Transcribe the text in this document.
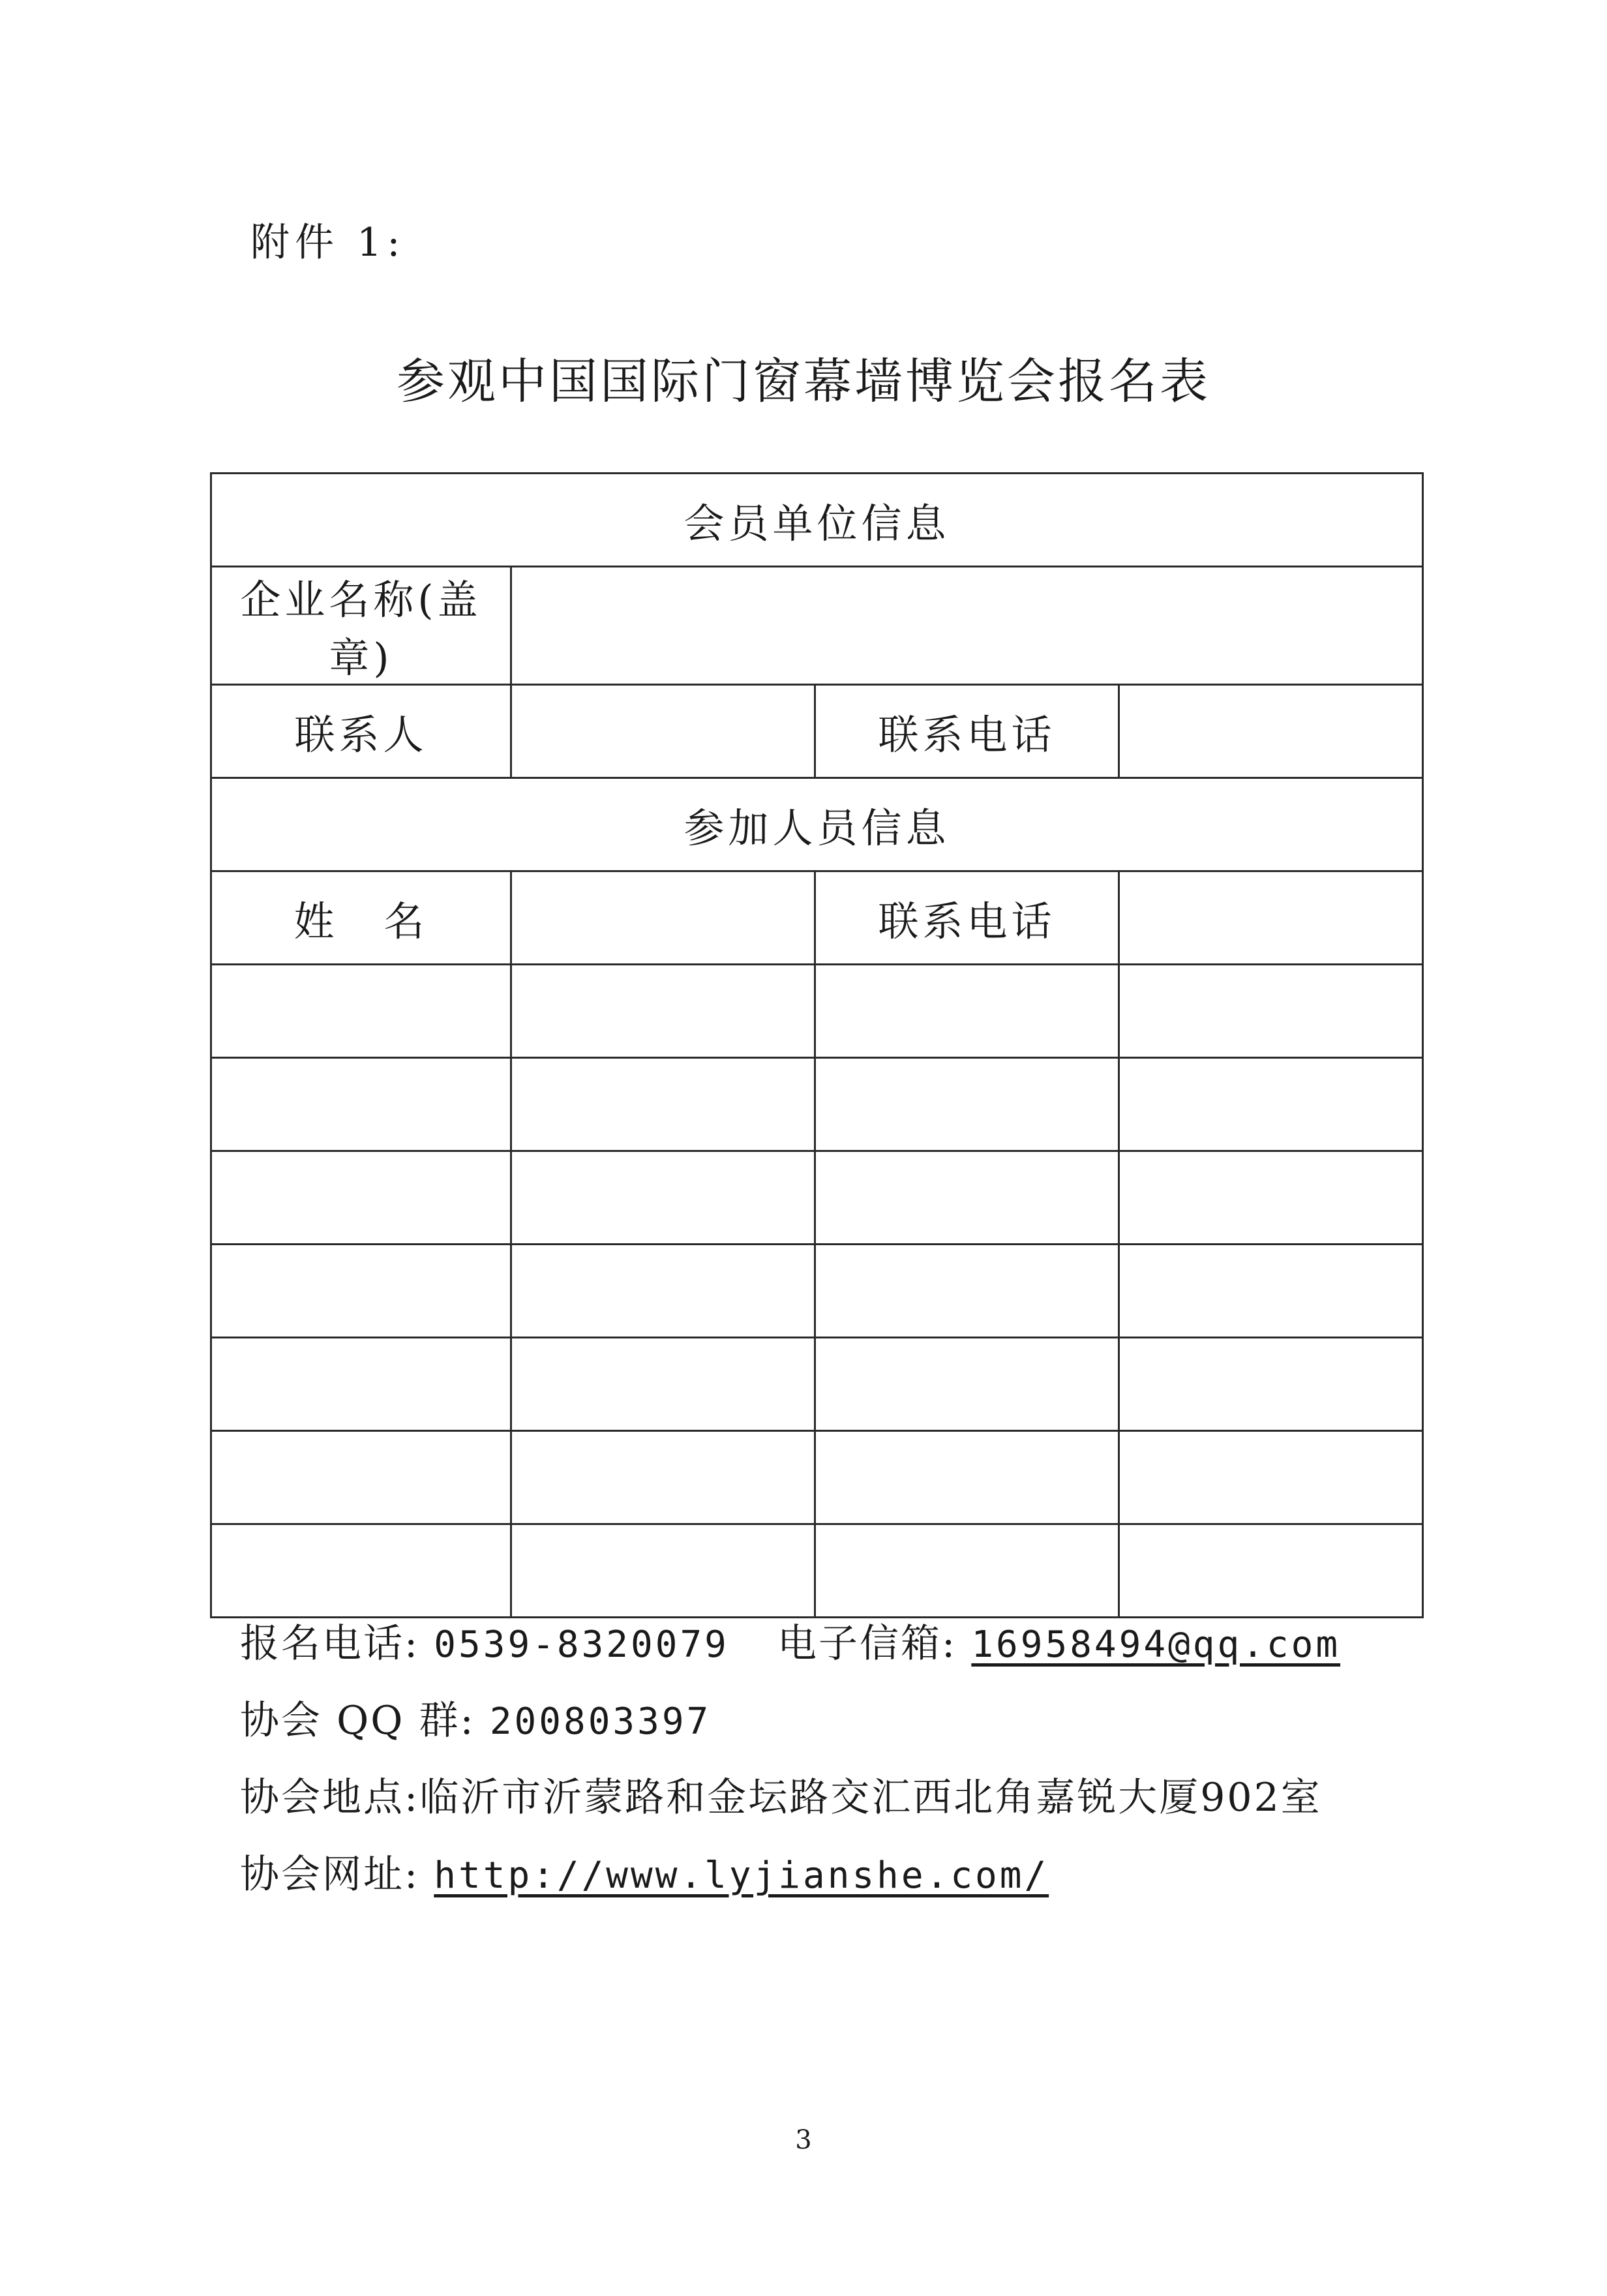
附件 1:
参观中国国际门窗幕墙博览会报名表
会员单位信息			
企业名称(盖章)			
联系人		联系电话	
参加人员信息			
姓 名		联系电话	

报名电话: 0539-8320079 电子信箱: 16958494@qq.com
协会 QQ 群: 200803397
协会地点:临沂市沂蒙路和金坛路交汇西北角嘉锐大厦902室
协会网址: http://www.lyjianshe.com/
3
